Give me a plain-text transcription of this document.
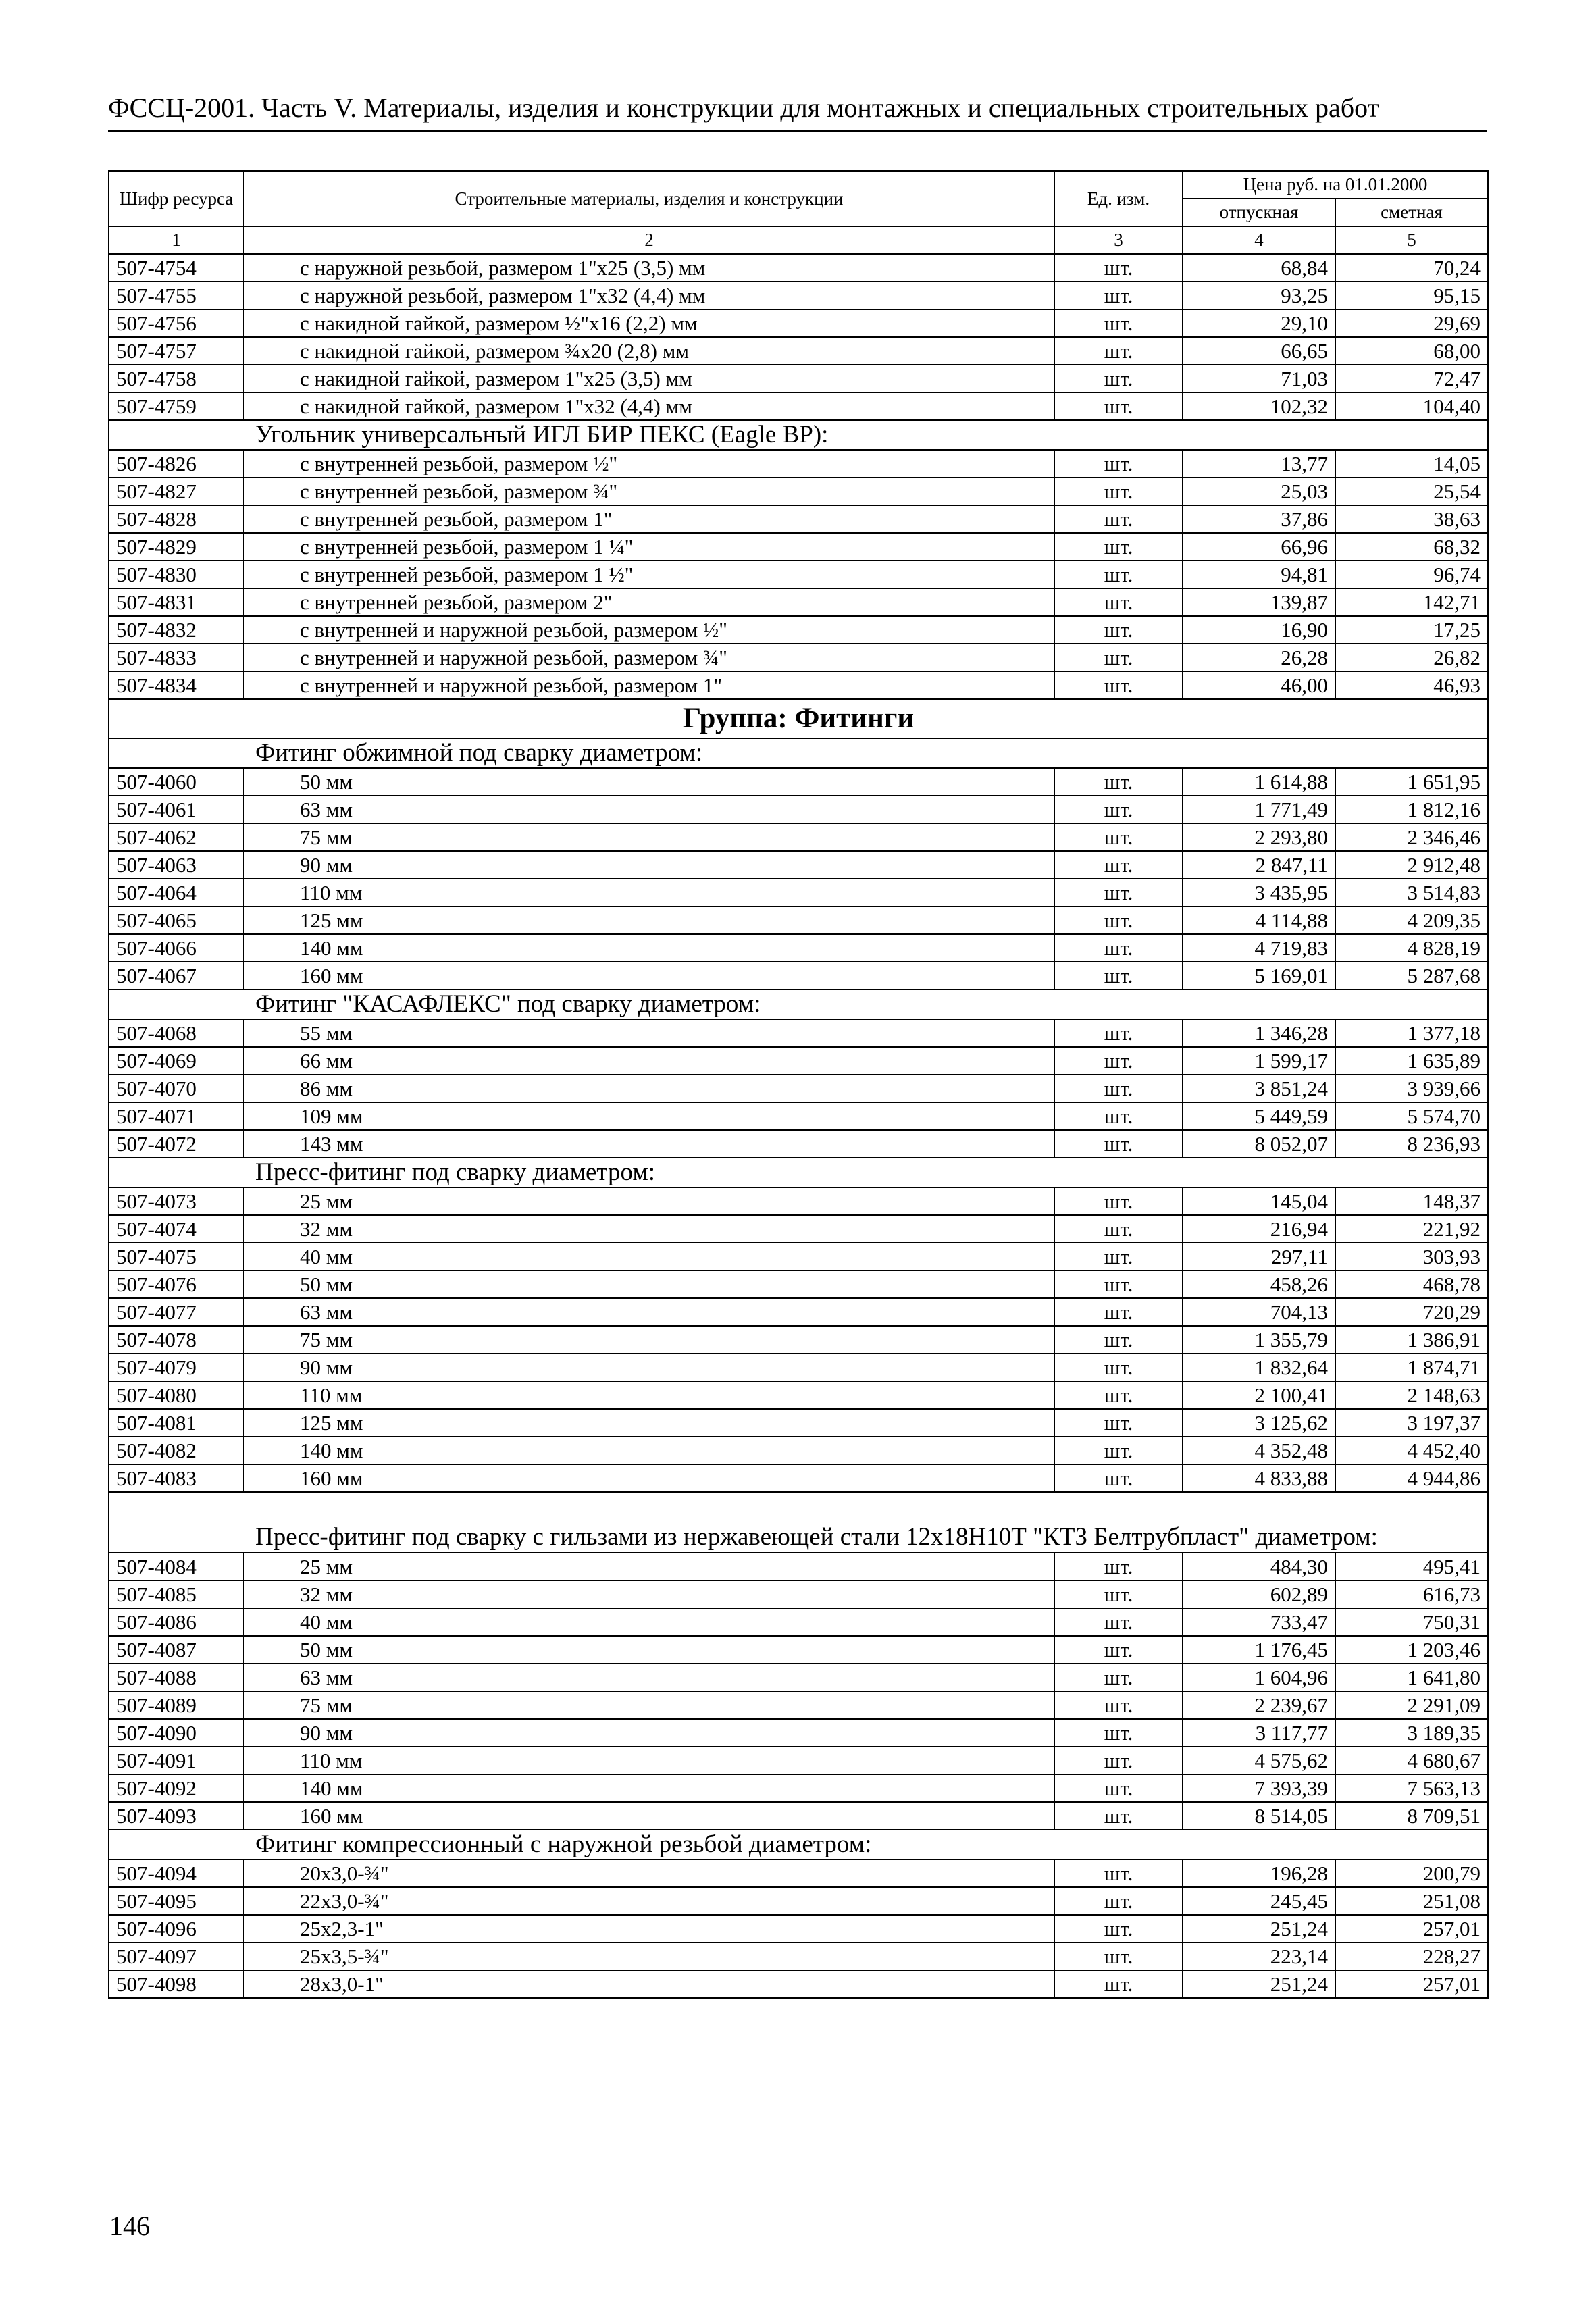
ФССЦ-2001. Часть V. Материалы, изделия и конструкции для монтажных и специальных строительных работ
Шифр ресурса	Строительные материалы, изделия и конструкции	Ед. изм.	Цена руб. на 01.01.2000	
			отпускная	сметная
1	2	3	4	5
507-4754	с наружной резьбой, размером 1"х25 (3,5) мм	шт.	68,84	70,24
507-4755	с наружной резьбой, размером 1"х32 (4,4) мм	шт.	93,25	95,15
507-4756	с накидной гайкой, размером ½"х16 (2,2) мм	шт.	29,10	29,69
507-4757	с накидной гайкой, размером ¾х20 (2,8) мм	шт.	66,65	68,00
507-4758	с накидной гайкой, размером 1"х25 (3,5) мм	шт.	71,03	72,47
507-4759	с накидной гайкой, размером 1"х32 (4,4) мм	шт.	102,32	104,40
Угольник универсальный ИГЛ БИР ПЕКС (Eagle BP):				
507-4826	с внутренней резьбой, размером ½"	шт.	13,77	14,05
507-4827	с внутренней резьбой, размером ¾"	шт.	25,03	25,54
507-4828	с внутренней резьбой, размером 1"	шт.	37,86	38,63
507-4829	с внутренней резьбой, размером 1 ¼"	шт.	66,96	68,32
507-4830	с внутренней резьбой, размером 1 ½"	шт.	94,81	96,74
507-4831	с внутренней резьбой, размером 2"	шт.	139,87	142,71
507-4832	с внутренней и наружной резьбой, размером ½"	шт.	16,90	17,25
507-4833	с внутренней и наружной резьбой, размером ¾"	шт.	26,28	26,82
507-4834	с внутренней и наружной резьбой, размером 1"	шт.	46,00	46,93
Группа: Фитинги				
Фитинг обжимной под сварку диаметром:				
507-4060	50 мм	шт.	1 614,88	1 651,95
507-4061	63 мм	шт.	1 771,49	1 812,16
507-4062	75 мм	шт.	2 293,80	2 346,46
507-4063	90 мм	шт.	2 847,11	2 912,48
507-4064	110 мм	шт.	3 435,95	3 514,83
507-4065	125 мм	шт.	4 114,88	4 209,35
507-4066	140 мм	шт.	4 719,83	4 828,19
507-4067	160 мм	шт.	5 169,01	5 287,68
Фитинг "КАСАФЛЕКС" под сварку диаметром:				
507-4068	55 мм	шт.	1 346,28	1 377,18
507-4069	66 мм	шт.	1 599,17	1 635,89
507-4070	86 мм	шт.	3 851,24	3 939,66
507-4071	109 мм	шт.	5 449,59	5 574,70
507-4072	143 мм	шт.	8 052,07	8 236,93
Пресс-фитинг под сварку диаметром:				
507-4073	25 мм	шт.	145,04	148,37
507-4074	32 мм	шт.	216,94	221,92
507-4075	40 мм	шт.	297,11	303,93
507-4076	50 мм	шт.	458,26	468,78
507-4077	63 мм	шт.	704,13	720,29
507-4078	75 мм	шт.	1 355,79	1 386,91
507-4079	90 мм	шт.	1 832,64	1 874,71
507-4080	110 мм	шт.	2 100,41	2 148,63
507-4081	125 мм	шт.	3 125,62	3 197,37
507-4082	140 мм	шт.	4 352,48	4 452,40
507-4083	160 мм	шт.	4 833,88	4 944,86
Пресс-фитинг под сварку с гильзами из нержавеющей стали 12х18Н10Т "КТЗ Белтрубпласт" диаметром:				
507-4084	25 мм	шт.	484,30	495,41
507-4085	32 мм	шт.	602,89	616,73
507-4086	40 мм	шт.	733,47	750,31
507-4087	50 мм	шт.	1 176,45	1 203,46
507-4088	63 мм	шт.	1 604,96	1 641,80
507-4089	75 мм	шт.	2 239,67	2 291,09
507-4090	90 мм	шт.	3 117,77	3 189,35
507-4091	110 мм	шт.	4 575,62	4 680,67
507-4092	140 мм	шт.	7 393,39	7 563,13
507-4093	160 мм	шт.	8 514,05	8 709,51
Фитинг компрессионный с наружной резьбой диаметром:				
507-4094	20х3,0-¾"	шт.	196,28	200,79
507-4095	22х3,0-¾"	шт.	245,45	251,08
507-4096	25х2,3-1"	шт.	251,24	257,01
507-4097	25х3,5-¾"	шт.	223,14	228,27
507-4098	28х3,0-1"	шт.	251,24	257,01
146
